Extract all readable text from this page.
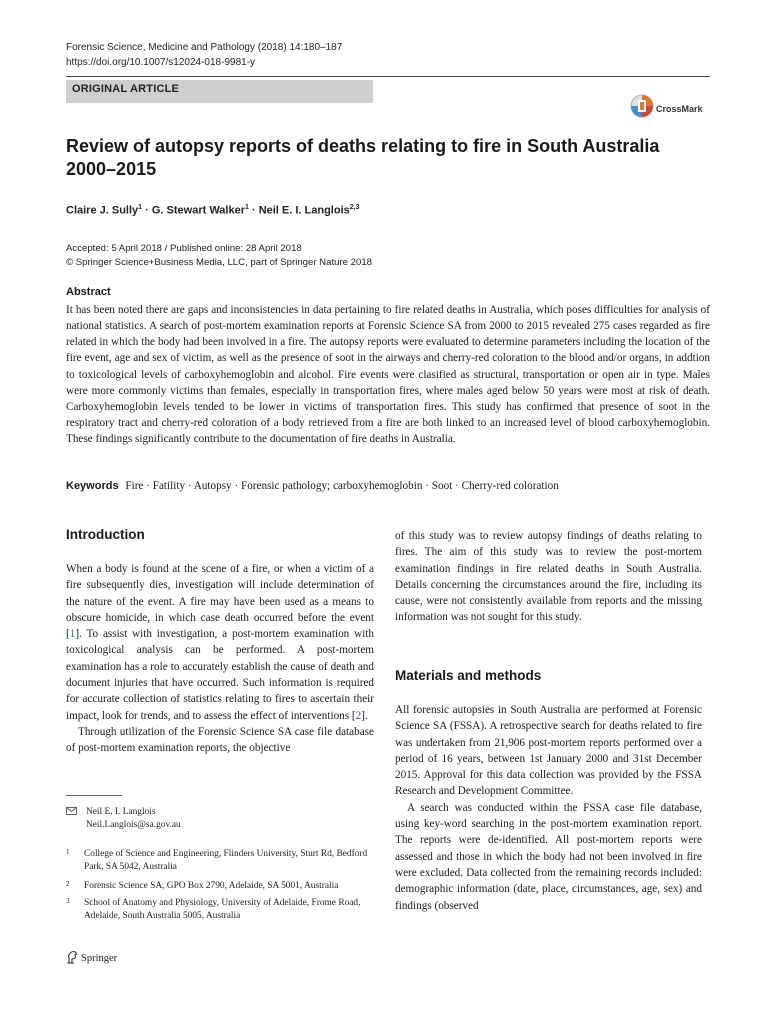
Forensic Science, Medicine and Pathology (2018) 14:180–187
https://doi.org/10.1007/s12024-018-9981-y
ORIGINAL ARTICLE
CrossMark
Review of autopsy reports of deaths relating to fire in South Australia 2000–2015
Claire J. Sully$^1$ · G. Stewart Walker$^1$ · Neil E. I. Langlois$^{2,3}$
Accepted: 5 April 2018 / Published online: 28 April 2018
© Springer Science+Business Media, LLC, part of Springer Nature 2018
Abstract
It has been noted there are gaps and inconsistencies in data pertaining to fire related deaths in Australia, which poses difficulties for analysis of national statistics. A search of post-mortem examination reports at Forensic Science SA from 2000 to 2015 revealed 275 cases regarded as fire related in which the body had been involved in a fire. The autopsy reports were evaluated to determine parameters including the location of the fire event, age and sex of victim, as well as the presence of soot in the airways and cherry-red coloration to the blood and/or organs, in addtion to toxicological levels of carboxyhemoglobin and alcohol. Fire events were clasified as structural, transportation or open air in type. Males were more commonly victims than females, especially in transportation fires, where males aged below 50 years were most at risk of death. Carboxyhemoglobin levels tended to be lower in victims of transportation fires. This study has confirmed that presence of soot in the respiratory tract and cherry-red coloration of a body retrieved from a fire are both linked to an increased level of blood carboxyhemoglobin. These findings significantly contribute to the documentation of fire deaths in Australia.
Keywords Fire · Fatility · Autopsy · Forensic pathology; carboxyhemoglobin · Soot · Cherry-red coloration
Introduction

When a body is found at the scene of a fire, or when a victim of a fire subsequently dies, investigation will include determination of the nature of the event. A fire may have been used as a means to obscure homicide, in which case death occurred before the event [1]. To assist with investigation, a post-mortem examination with toxicological analysis can be performed. A post-mortem examination has a role to accurately establish the cause of death and document injuries that have occurred. Such information is required for accurate collection of statistics relating to fires to ascertain their impact, look for trends, and to assess the effect of interventions [2].

Through utilization of the Forensic Science SA case file database of post-mortem examination reports, the objective

Neil E. I. Langlois
Neil.Langlois@sa.gov.au
1	College of Science and Engineering, Flinders University, Sturt Rd, Bedford Park, SA 5042, Australia
2	Forensic Science SA, GPO Box 2790, Adelaide, SA 5001, Australia
3	School of Anatomy and Physiology, University of Adelaide, Frome Road, Adelaide, South Australia 5005, Australia
of this study was to review autopsy findings of deaths relating to fires. The aim of this study was to review the post-mortem examination findings in fire related deaths in South Australia. Details concerning the circumstances around the fire, including its cause, were not consistently available from reports and the missing information was not sought for this study.
Materials and methods

All forensic autopsies in South Australia are performed at Forensic Science SA (FSSA). A retrospective search for deaths related to fire was undertaken from 21,906 post-mortem reports performed over a period of 16 years, between 1st January 2000 and 31st December 2015. Approval for this data collection was provided by the FSSA Research and Development Committee.

A search was conducted within the FSSA case file database, using key-word searching in the post-mortem examination report. The reports were de-identified. All post-mortem reports were assessed and those in which the body had not been involved in fire were excluded. Data collected from the remaining records included: demographic information (date, place, circumstances, age, sex) and findings (observed

Springer
